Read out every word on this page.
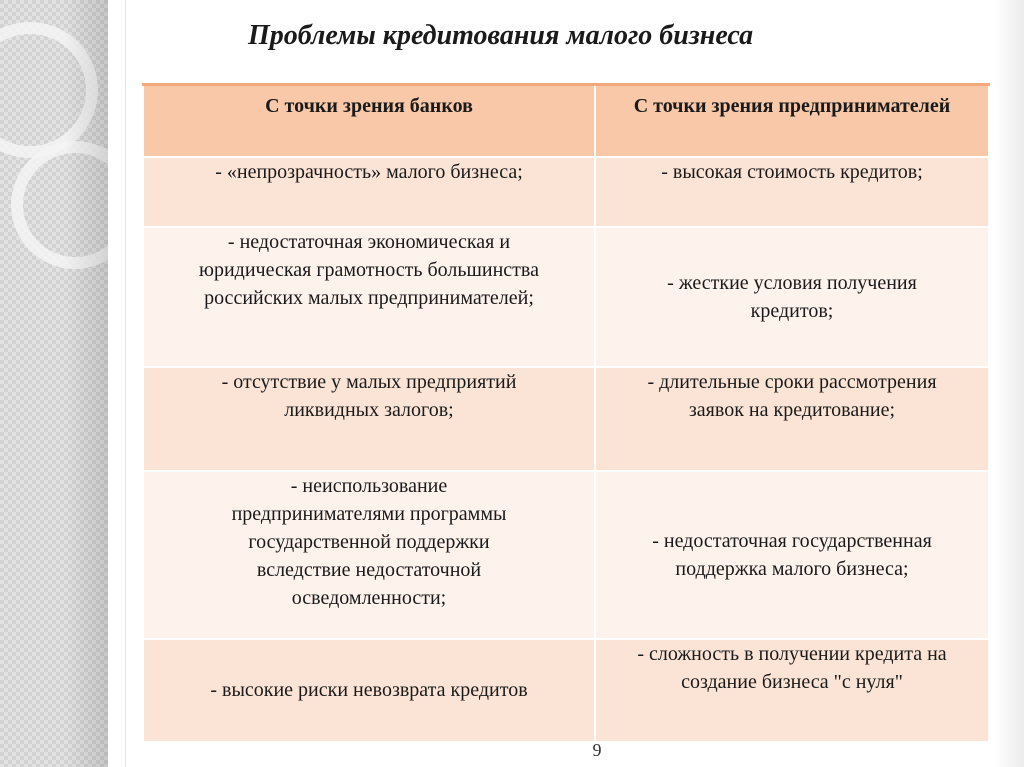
Проблемы кредитования малого бизнеса
С точки зрения банков	С точки зрения предпринимателей
- «непрозрачность» малого бизнеса;	- высокая стоимость кредитов;
- недостаточная экономическая и юридическая грамотность большинства российских малых предпринимателей;	- жесткие условия получения кредитов;
- отсутствие у малых предприятий ликвидных залогов;	- длительные сроки рассмотрения заявок на кредитование;
- неиспользование предпринимателями программы государственной поддержки вследствие недостаточной осведомленности;	- недостаточная государственная поддержка малого бизнеса;
- высокие риски невозврата кредитов	- сложность в получении кредита на создание бизнеса "с нуля"
9
